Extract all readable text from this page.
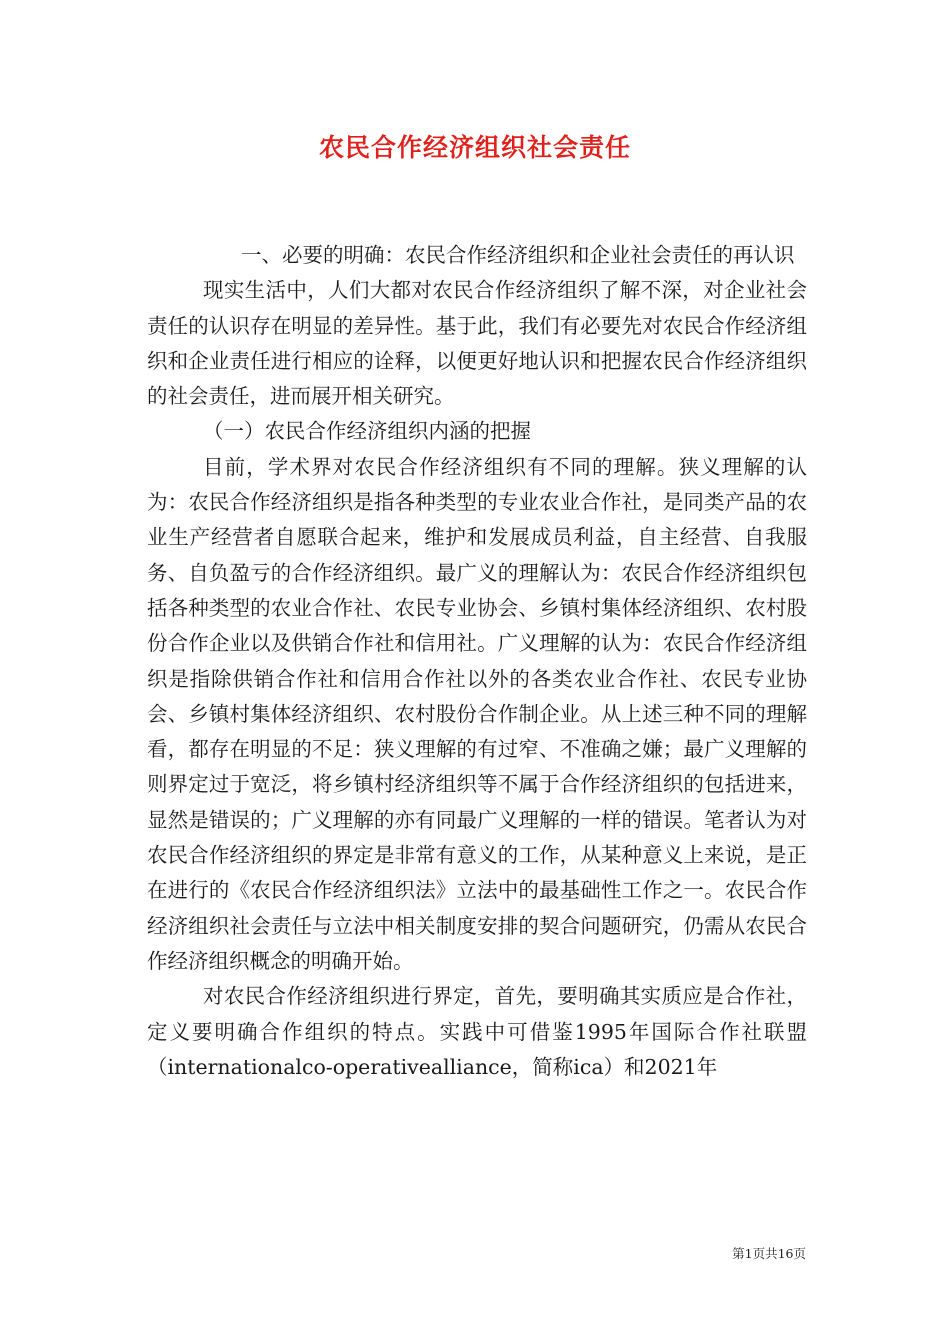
农民合作经济组织社会责任

一、必要的明确：农民合作经济组织和企业社会责任的再认识

现实生活中，人们大都对农民合作经济组织了解不深，对企业社会责任的认识存在明显的差异性。基于此，我们有必要先对农民合作经济组织和企业责任进行相应的诠释，以便更好地认识和把握农民合作经济组织的社会责任，进而展开相关研究。

（一）农民合作经济组织内涵的把握

目前，学术界对农民合作经济组织有不同的理解。狭义理解的认为：农民合作经济组织是指各种类型的专业农业合作社，是同类产品的农业生产经营者自愿联合起来，维护和发展成员利益，自主经营、自我服务、自负盈亏的合作经济组织。最广义的理解认为：农民合作经济组织包括各种类型的农业合作社、农民专业协会、乡镇村集体经济组织、农村股份合作企业以及供销合作社和信用社。广义理解的认为：农民合作经济组织是指除供销合作社和信用合作社以外的各类农业合作社、农民专业协会、乡镇村集体经济组织、农村股份合作制企业。从上述三种不同的理解看，都存在明显的不足：狭义理解的有过窄、不准确之嫌；最广义理解的则界定过于宽泛，将乡镇村经济组织等不属于合作经济组织的包括进来，显然是错误的；广义理解的亦有同最广义理解的一样的错误。笔者认为对农民合作经济组织的界定是非常有意义的工作，从某种意义上来说，是正在进行的《农民合作经济组织法》立法中的最基础性工作之一。农民合作经济组织社会责任与立法中相关制度安排的契合问题研究，仍需从农民合作经济组织概念的明确开始。

对农民合作经济组织进行界定，首先，要明确其实质应是合作社，定义要明确合作组织的特点。实践中可借鉴1995年国际合作社联盟（internationalco-operativealliance，简称ica）和2021年

第1页共16页
